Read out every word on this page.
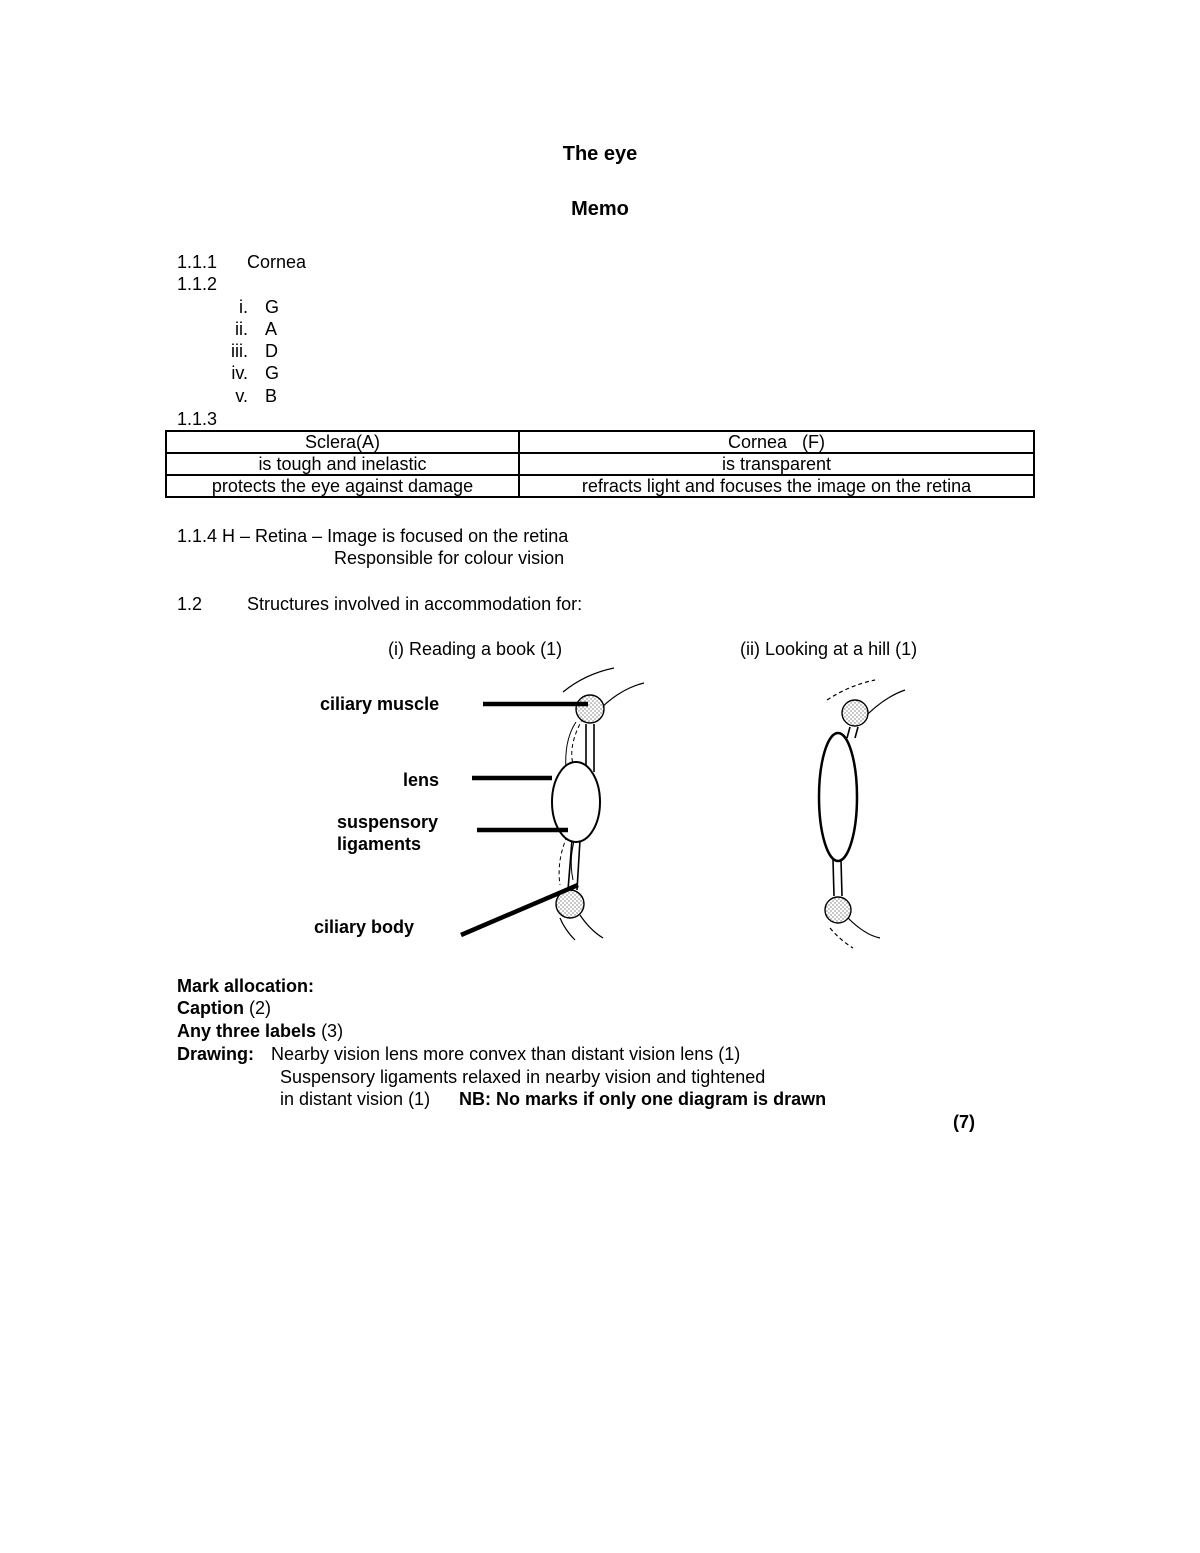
The eye
Memo
1.1.1 Cornea
1.1.2
i. G
ii. A
iii. D
iv. G
v. B
1.1.3
Sclera(A)	Cornea   (F)
is tough and inelastic	is transparent
protects the eye against damage	refracts light and focuses the image on the retina
1.1.4 H – Retina – Image is focused on the retina
Responsible for colour vision
1.2 Structures involved in accommodation for:
(i) Reading a book (1)	(ii) Looking at a hill (1)
ciliary muscle
lens
suspensory
ligaments
ciliary body
Mark allocation:
Caption (2)
Any three labels (3)
Drawing: Nearby vision lens more convex than distant vision lens (1)
Suspensory ligaments relaxed in nearby vision and tightened
in distant vision (1) NB: No marks if only one diagram is drawn
(7)
